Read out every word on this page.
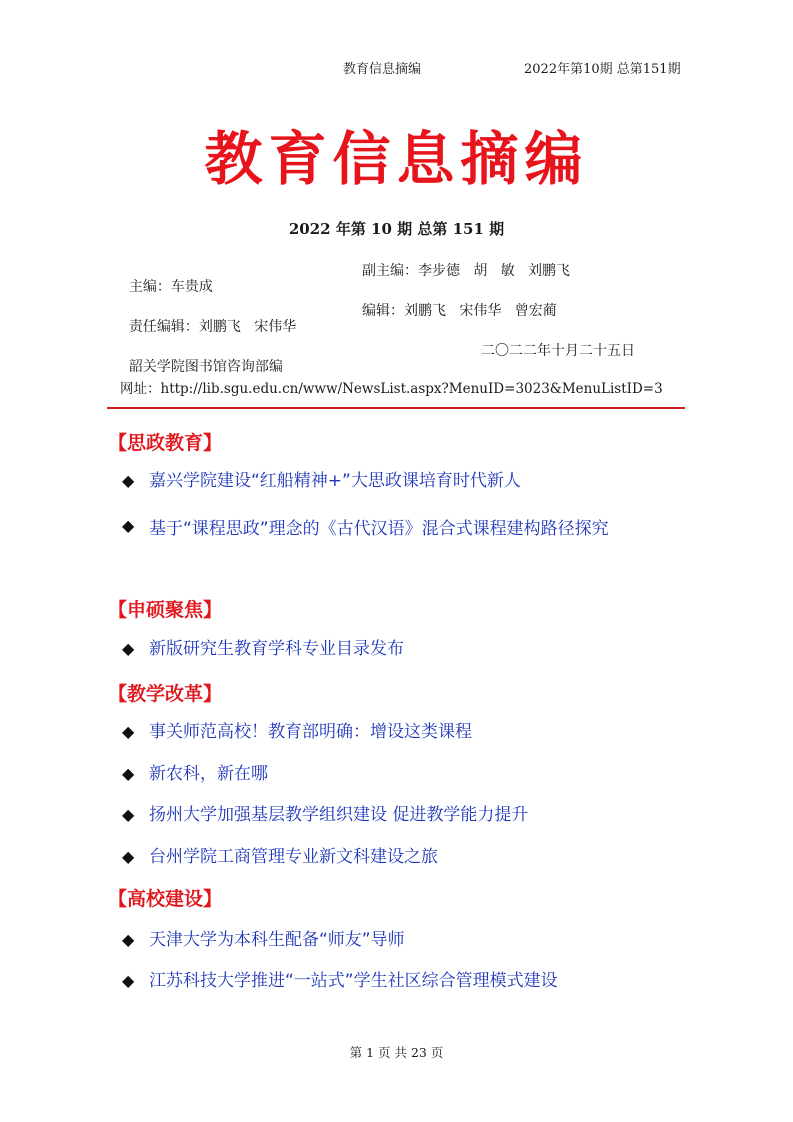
教育信息摘编	2022年第10期 总第151期
教育信息摘编
2022 年第 10 期 总第 151 期

主编：车贵成

副主编：李步德   胡   敏   刘鹏飞

责任编辑：刘鹏飞   宋伟华

编辑：刘鹏飞   宋伟华   曾宏蔺

韶关学院图书馆咨询部编

二〇二二年十月二十五日

网址：http://lib.sgu.edu.cn/www/NewsList.aspx?MenuID=3023&MenuListID=3
【思政教育】
◆ 嘉兴学院建设“红船精神+”大思政课培育时代新人
◆ 基于“课程思政”理念的《古代汉语》混合式课程建构路径探究
【申硕聚焦】
◆ 新版研究生教育学科专业目录发布
【教学改革】
◆ 事关师范高校！教育部明确：增设这类课程
◆ 新农科，新在哪
◆ 扬州大学加强基层教学组织建设 促进教学能力提升
◆ 台州学院工商管理专业新文科建设之旅
【高校建设】
◆ 天津大学为本科生配备“师友”导师
◆ 江苏科技大学推进“一站式”学生社区综合管理模式建设
第 1 页 共 23 页
